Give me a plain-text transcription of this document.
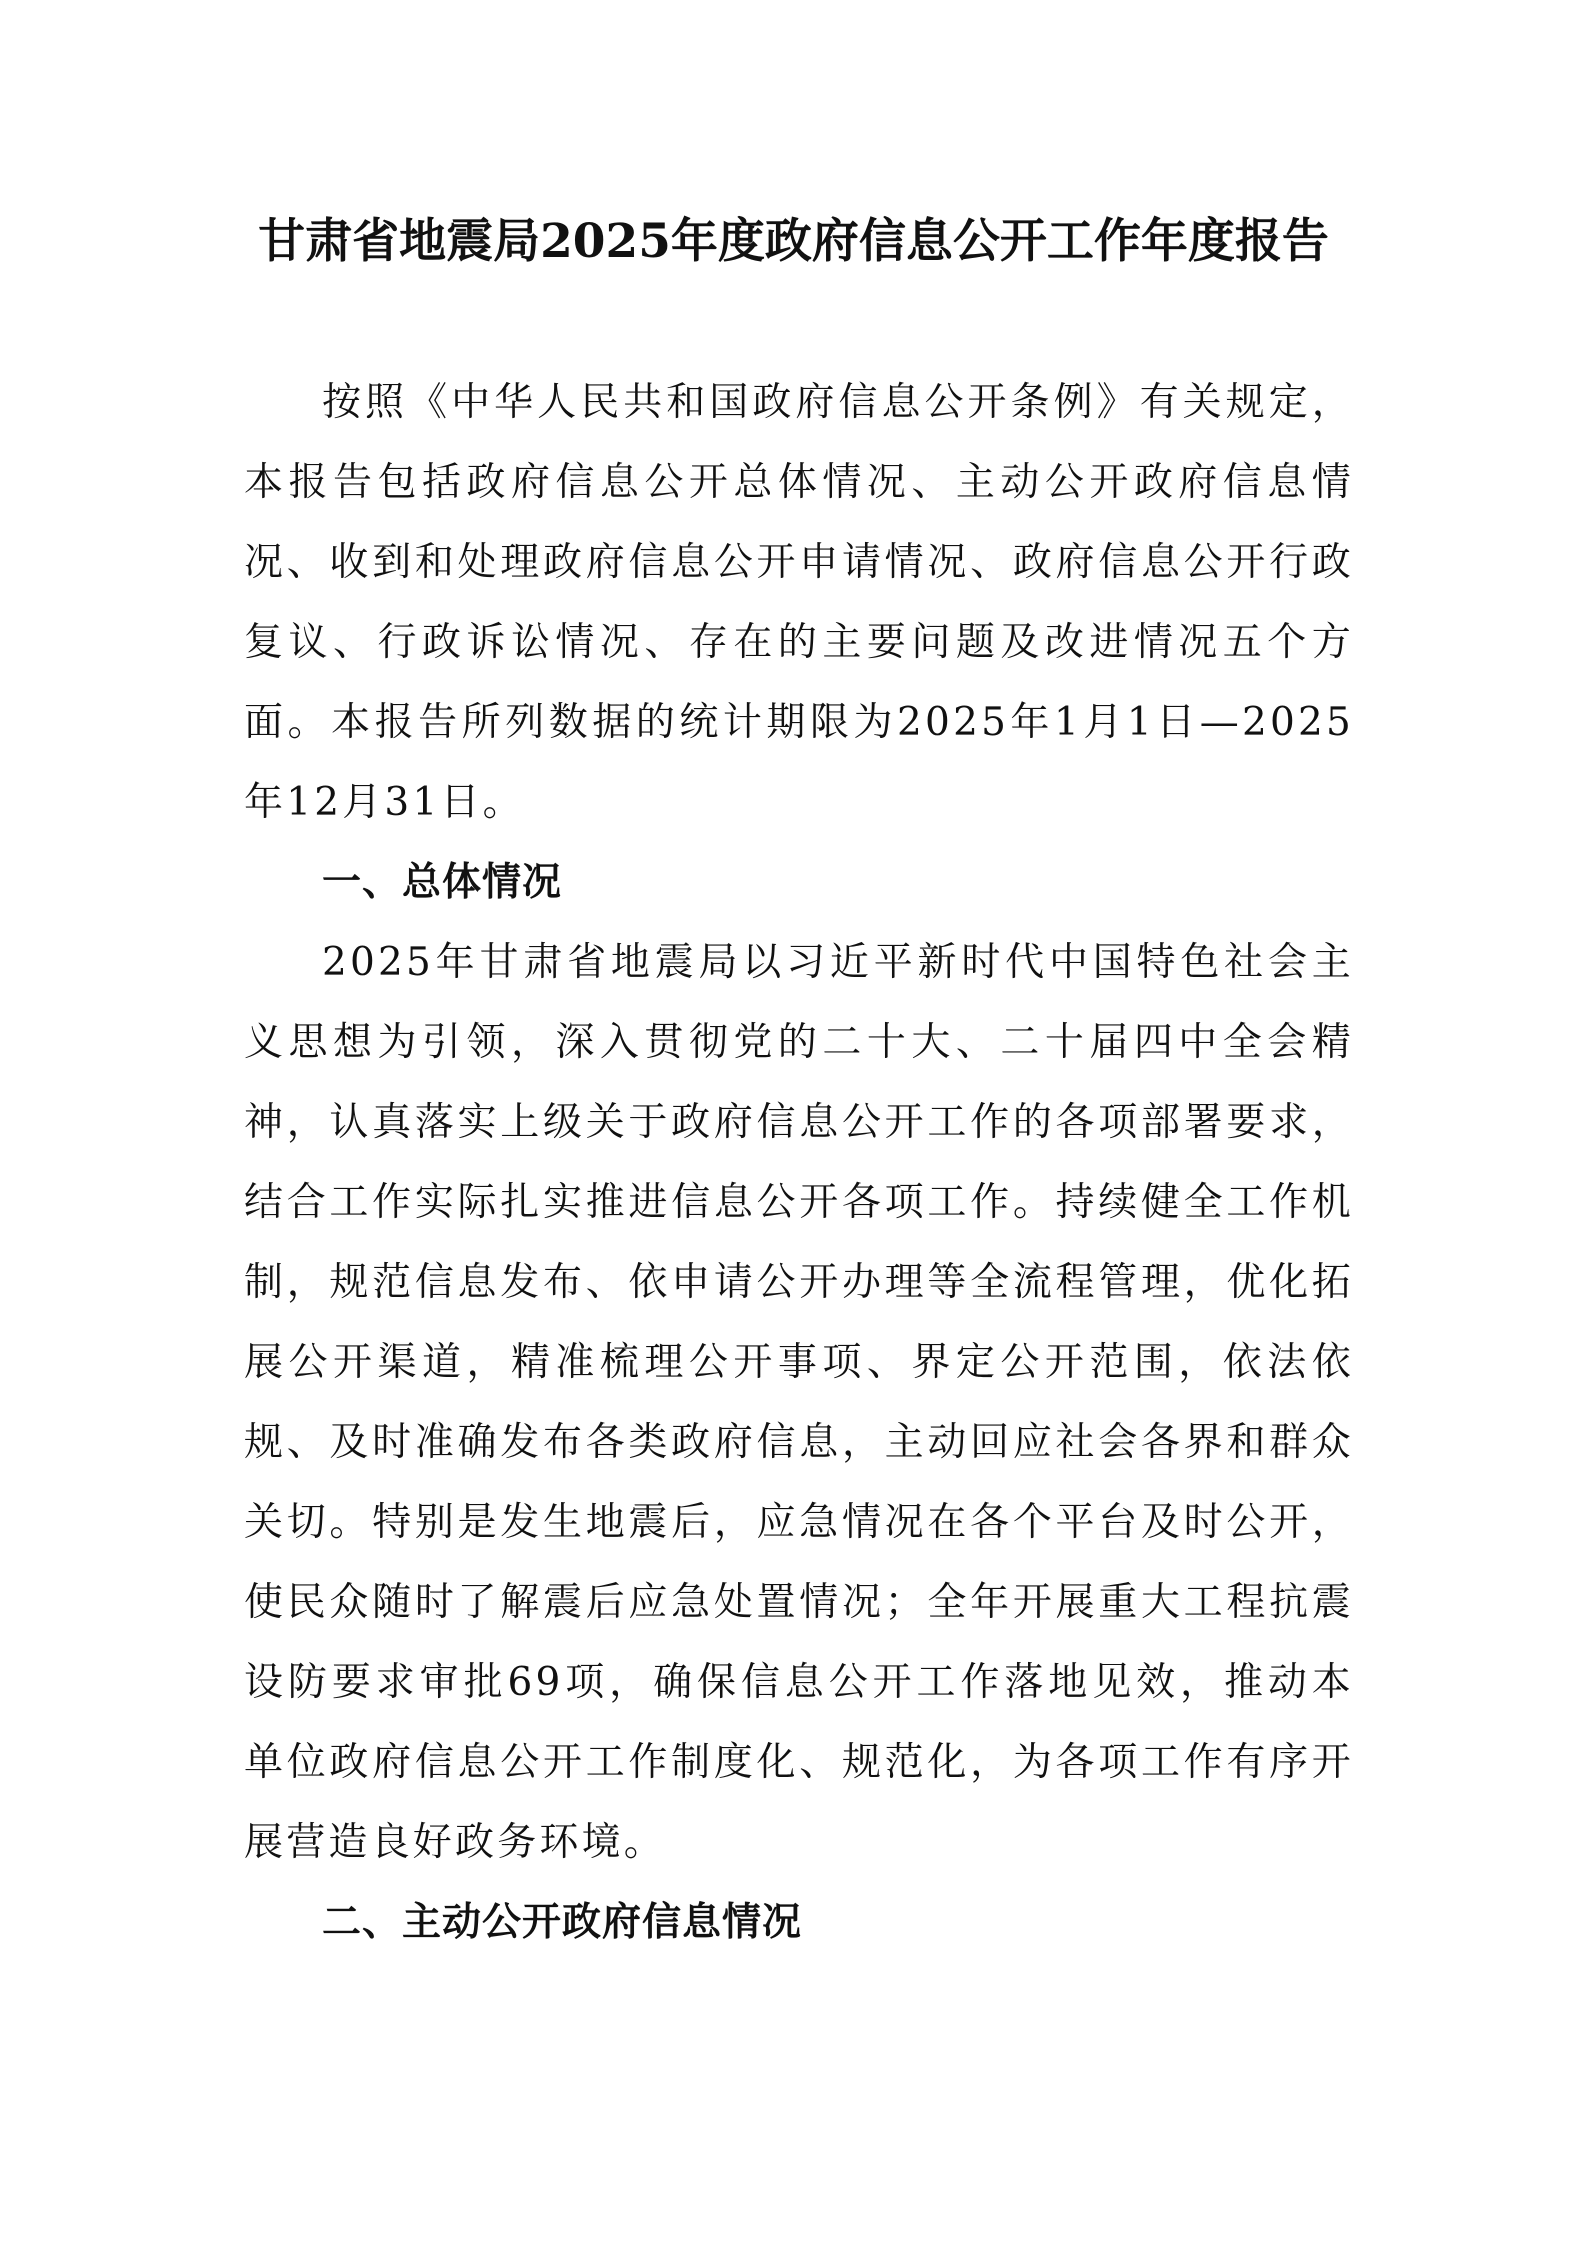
甘肃省地震局2025年度政府信息公开工作年度报告

按照《中华人民共和国政府信息公开条例》有关规定，本报告包括政府信息公开总体情况、主动公开政府信息情况、收到和处理政府信息公开申请情况、政府信息公开行政复议、行政诉讼情况、存在的主要问题及改进情况五个方面。本报告所列数据的统计期限为2025年1月1日—2025年12月31日。

一、总体情况

2025年甘肃省地震局以习近平新时代中国特色社会主义思想为引领，深入贯彻党的二十大、二十届四中全会精神，认真落实上级关于政府信息公开工作的各项部署要求，结合工作实际扎实推进信息公开各项工作。持续健全工作机制，规范信息发布、依申请公开办理等全流程管理，优化拓展公开渠道，精准梳理公开事项、界定公开范围，依法依规、及时准确发布各类政府信息，主动回应社会各界和群众关切。特别是发生地震后，应急情况在各个平台及时公开，使民众随时了解震后应急处置情况；全年开展重大工程抗震设防要求审批69项，确保信息公开工作落地见效，推动本单位政府信息公开工作制度化、规范化，为各项工作有序开展营造良好政务环境。

二、主动公开政府信息情况
